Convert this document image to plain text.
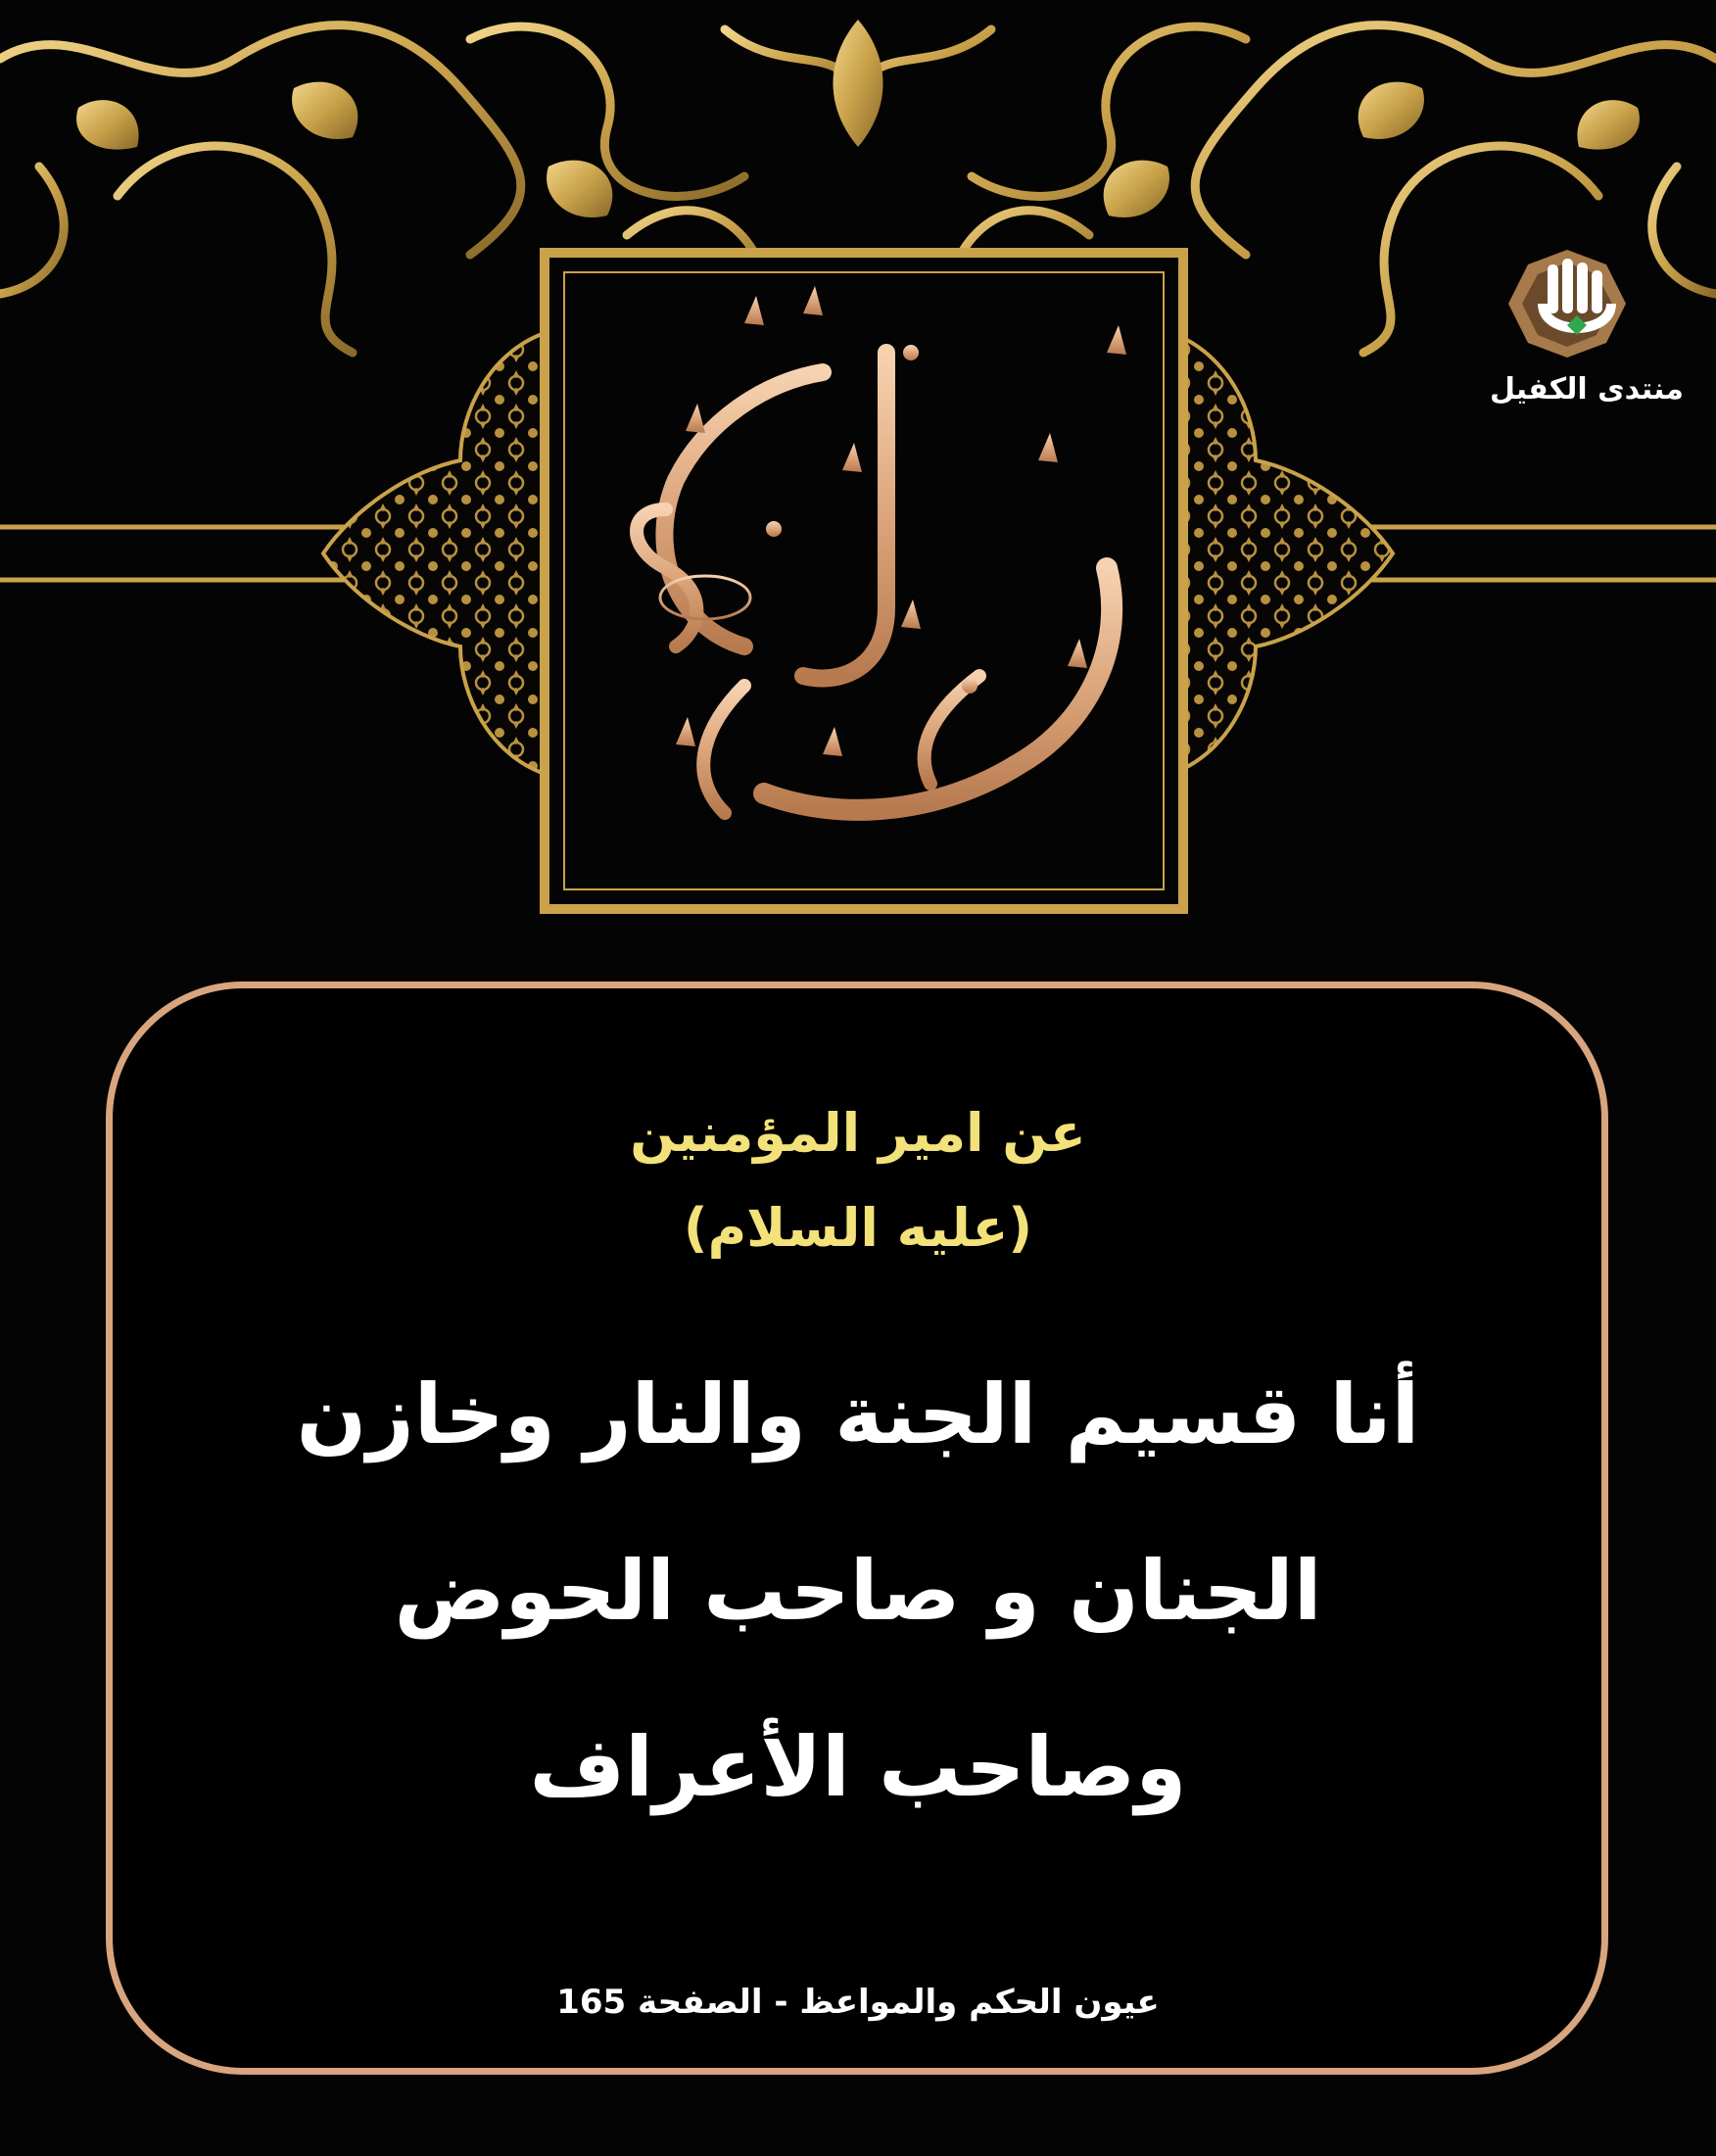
منتدى الكفيل
عن امير المؤمنين
(عليه السلام)
أنا قسيم الجنة والنار وخازن
الجنان و صاحب الحوض
وصاحب الأعراف
عيون الحكم والمواعظ - الصفحة 165
